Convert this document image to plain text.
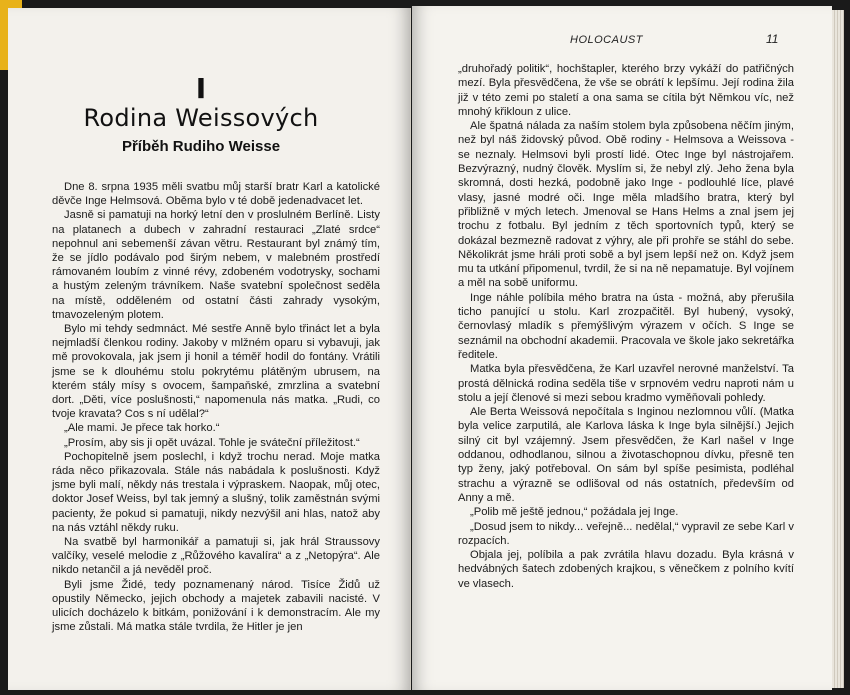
I
Rodina Weissových
Příběh Rudiho Weisse

Dne 8. srpna 1935 měli svatbu můj starší bratr Karl a katolické děvče Inge Helmsová. Oběma bylo v té době jedenadvacet let.

Jasně si pamatuji na horký letní den v proslulném Berlíně. Listy na platanech a dubech v zahradní restauraci „Zlaté srdce“ nepohnul ani sebemenší závan větru. Restaurant byl známý tím, že se jídlo podávalo pod širým nebem, v malebném prostředí rámovaném loubím z vinné révy, zdobeném vodotrysky, sochami a hustým zeleným trávníkem. Naše svatební společnost seděla na místě, odděleném od ostatní části zahrady vysokým, tmavozeleným plotem.

Bylo mi tehdy sedmnáct. Mé sestře Anně bylo třináct let a byla nejmladší členkou rodiny. Jakoby v mlžném oparu si vybavuji, jak mě provokovala, jak jsem ji honil a téměř hodil do fontány. Vrátili jsme se k dlouhému stolu pokrytému plátěným ubrusem, na kterém stály mísy s ovocem, šampaňské, zmrzlina a svatební dort. „Děti, více poslušnosti,“ napomenula nás matka. „Rudi, co tvoje kravata? Cos s ní udělal?“

„Ale mami. Je přece tak horko.“

„Prosím, aby sis ji opět uvázal. Tohle je sváteční příležitost.“

Pochopitelně jsem poslechl, i když trochu nerad. Moje matka ráda něco přikazovala. Stále nás nabádala k poslušnosti. Když jsme byli malí, někdy nás trestala i výpraskem. Naopak, můj otec, doktor Josef Weiss, byl tak jemný a slušný, tolik zaměstnán svými pacienty, že pokud si pamatuji, nikdy nezvýšil ani hlas, natož aby na nás vztáhl někdy ruku.

Na svatbě byl harmonikář a pamatuji si, jak hrál Straussovy valčíky, veselé melodie z „Růžového kavalíra“ a z „Netopýra“. Ale nikdo netančil a já nevěděl proč.

Byli jsme Židé, tedy poznamenaný národ. Tisíce Židů už opustily Německo, jejich obchody a majetek zabavili nacisté. V ulicích docházelo k bitkám, ponižování i k demonstracím. Ale my jsme zůstali. Má matka stále tvrdila, že Hitler je jen

HOLOCAUST	11

„druhořadý politik“, hochštapler, kterého brzy vykáží do patřičných mezí. Byla přesvědčena, že vše se obrátí k lepšímu. Její rodina žila již v této zemi po staletí a ona sama se cítila být Němkou víc, než mnohý křikloun z ulice.

Ale špatná nálada za naším stolem byla způsobena něčím jiným, než byl náš židovský původ. Obě rodiny - Helmsova a Weissova - se neznaly. Helmsovi byli prostí lidé. Otec Inge byl nástrojařem. Bezvýrazný, nudný člověk. Myslím si, že nebyl zlý. Jeho žena byla skromná, dosti hezká, podobně jako Inge - podlouhlé líce, plavé vlasy, jasné modré oči. Inge měla mladšího bratra, který byl přibližně v mých letech. Jmenoval se Hans Helms a znal jsem jej trochu z fotbalu. Byl jedním z těch sportovních typů, který se dokázal bezmezně radovat z výhry, ale při prohře se stáhl do sebe. Několikrát jsme hráli proti sobě a byl jsem lepší než on. Když jsem mu ta utkání připomenul, tvrdil, že si na ně nepamatuje. Byl vojínem a měl na sobě uniformu.

Inge náhle políbila mého bratra na ústa - možná, aby přerušila ticho panující u stolu. Karl zrozpačitěl. Byl hubený, vysoký, černovlasý mladík s přemýšlivým výrazem v očích. S Inge se seznámil na obchodní akademii. Pracovala ve škole jako sekretářka ředitele.

Matka byla přesvědčena, že Karl uzavřel nerovné manželství. Ta prostá dělnická rodina seděla tiše v srpnovém vedru naproti nám u stolu a její členové si mezi sebou kradmo vyměňovali pohledy.

Ale Berta Weissová nepočítala s Inginou nezlomnou vůlí. (Matka byla velice zarputilá, ale Karlova láska k Inge byla silnější.) Jejich silný cit byl vzájemný. Jsem přesvědčen, že Karl našel v Inge oddanou, odhodlanou, silnou a životaschopnou dívku, přesně ten typ ženy, jaký potřeboval. On sám byl spíše pesimista, podléhal strachu a výrazně se odlišoval od nás ostatních, především od Anny a mě.

„Polib mě ještě jednou,“ požádala jej Inge.

„Dosud jsem to nikdy... veřejně... nedělal,“ vypravil ze sebe Karl v rozpacích.

Objala jej, políbila a pak zvrátila hlavu dozadu. Byla krásná v hedvábných šatech zdobených krajkou, s věnečkem z polního kvítí ve vlasech.
